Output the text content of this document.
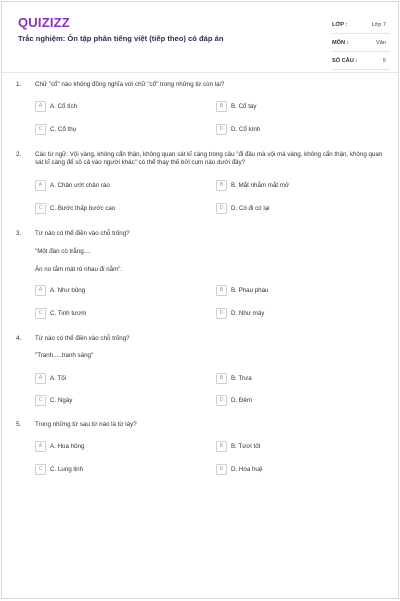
QUIZIZZ
Trắc nghiệm: Ôn tập phân tiếng việt (tiếp theo) có đáp án
LỚP :	Lớp 7
MÔN :	Văn
SỐ CÂU :	5
1. Chữ "cổ" nào không đồng nghĩa với chữ "cổ" trong những từ còn lại?
A	A. Cổ tích	B	B. Cổ tay
C	C. Cổ thụ	D	D. Cổ kính
2. Các từ ngữ: Vội vàng, không cẩn thận, không quan sát kĩ càng trong câu "đi đâu mà vội mà vàng, không cẩn thận, không quan sát kĩ càng để sô cả vào người khác" có thể thay thế bởi cụm nào dưới đây?
A	A. Chân ướt chân ráo	B	B. Mắt nhắm mắt mở
C	C. Bước thấp bước cao	D	D. Có đi có lại
3. Từ nào có thể điền vào chỗ trống?
"Một đàn cò trắng....
Ăn no tắm mát rủ nhau đi nằm".
A	A. Như bông	B	B. Phau phau
C	C. Tinh tươm	D	D. Như mây
4. Từ nào có thể điền vào chỗ trống?
"Tranh.....tranh sáng"
A	A. Tối	B	B. Trưa
C	C. Ngày	D	D. Đêm
5. Trong những từ sau từ nào là từ láy?
A	A. Hoa hồng	B	B. Tươi tốt
C	C. Lung linh	D	D. Hoa huệ
